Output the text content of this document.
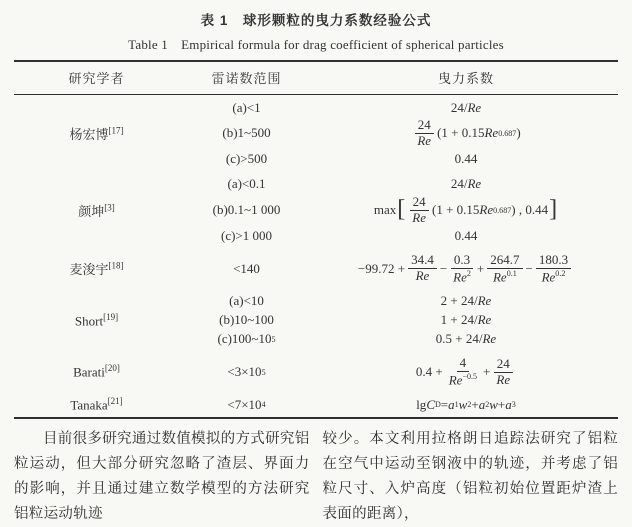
表 1　球形颗粒的曳力系数经验公式
Table 1　Empirical formula for drag coefficient of spherical particles
研究学者	雷诺数范围	曳力系数
杨宏博[17]
(a)<1	24/ Re
(b)1~500	$\frac{24}{Re} (1 + 0.15$ Re 0.687 )
(c)>500	0.44
颜坤[3]
(a)<0.1	24/ Re
(b)0.1~1 000	max [ $\frac{24}{Re} (1 + 0.15$ Re 0.687 ) , 0.44 ]
(c)>1 000	0.44
麦浚宇[18]	<140	$-99.72 + \frac{34.4}{Re} - \frac{0.3}{Re^2} + \frac{264.7}{Re^{0.1}} - \frac{180.3}{Re^{0.2}}$
Short[19]
(a)<10	2 + 24/ Re
(b)10~100	1 + 24/ Re
(c)100~10 5	0.5 + 24/ Re
Barati[20]	<3×10 5	$0.4 + \frac{4}{Re^{-0.5}} + \frac{24}{Re}$
Tanaka[21]	<7×10 4	lg C D = a 1 w 2 + a 2 w + a 3
目前很多研究通过数值模拟的方式研究铝粒运动，但大部分研究忽略了渣层、界面力的影响，并且通过建立数学模型的方法研究铝粒运动轨迹
较少。本文利用拉格朗日追踪法研究了铝粒在空气中运动至钢液中的轨迹，并考虑了铝粒尺寸、入炉高度（铝粒初始位置距炉渣上表面的距离），
